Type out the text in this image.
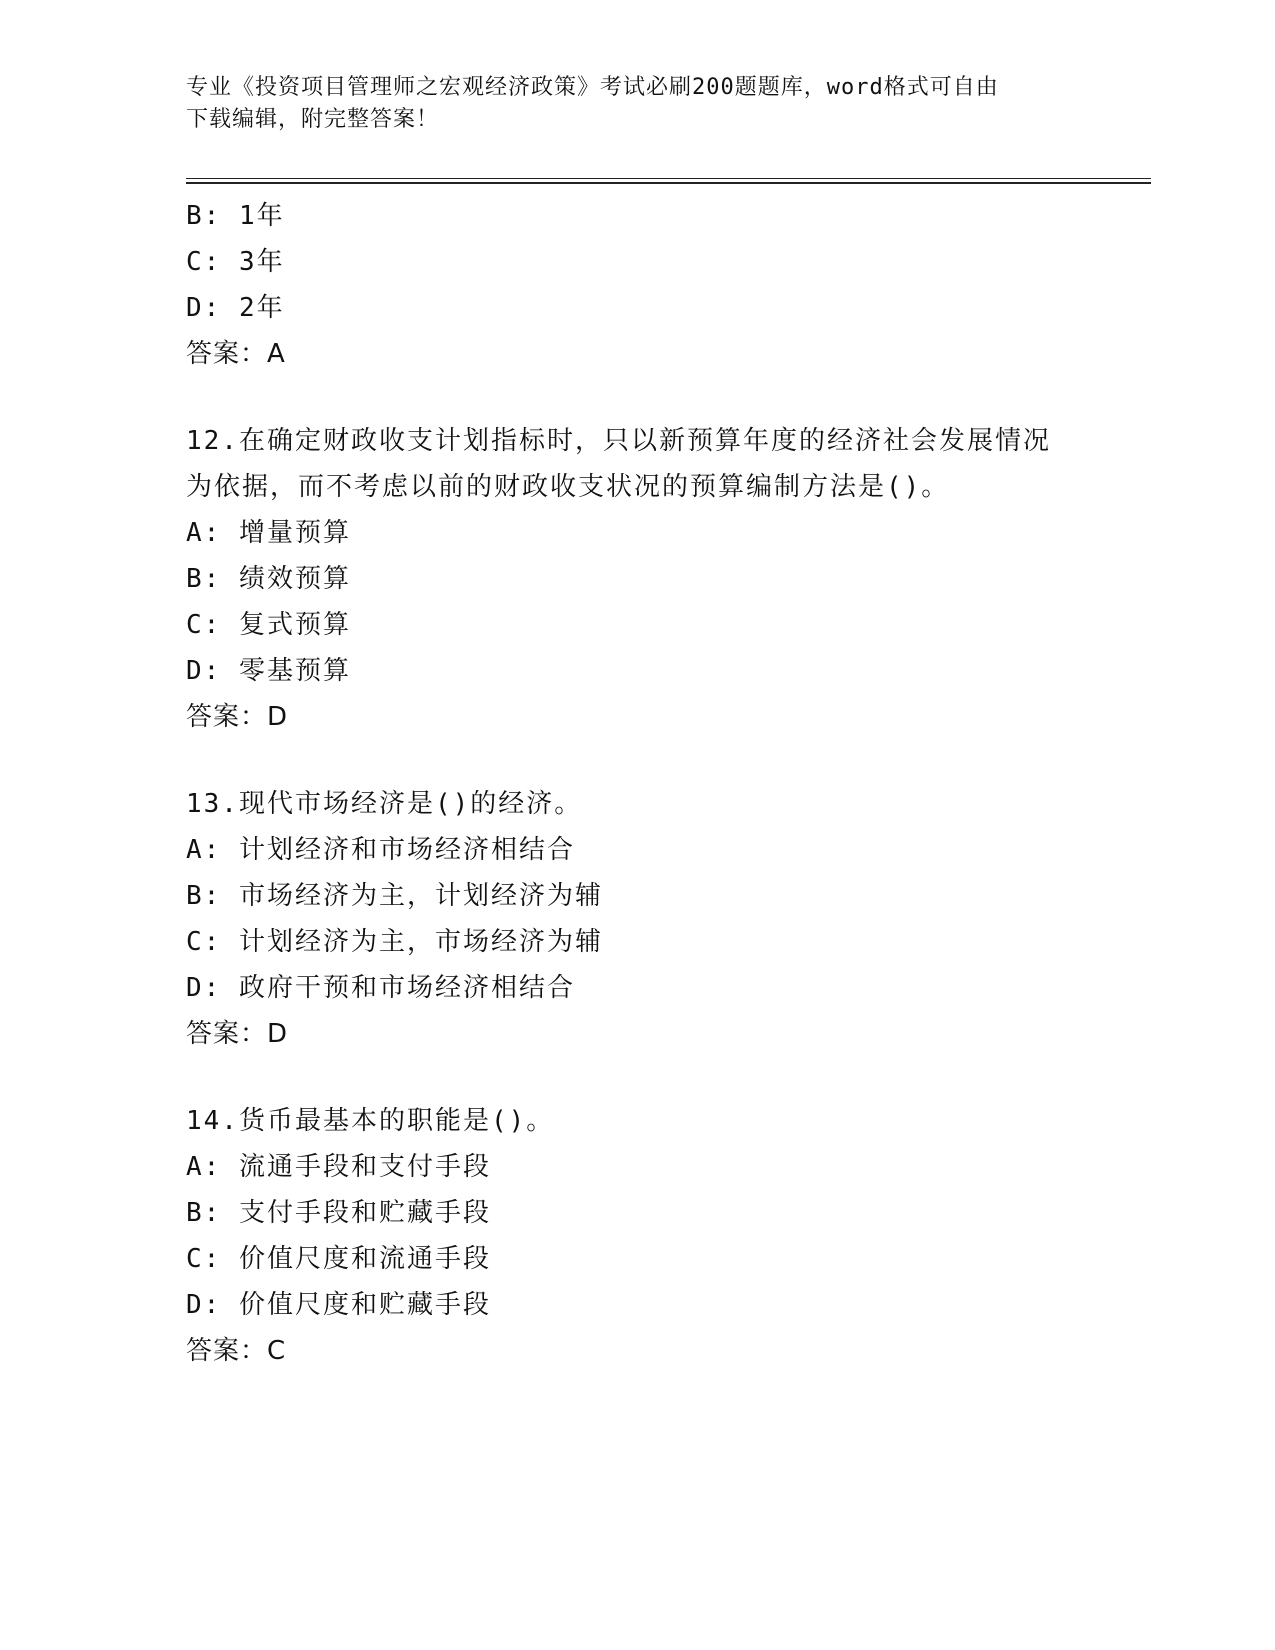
专业《投资项目管理师之宏观经济政策》考试必刷200题题库，word格式可自由
下载编辑，附完整答案！
B: 1年
C: 3年
D: 2年
答案：A
12.在确定财政收支计划指标时，只以新预算年度的经济社会发展情况
为依据，而不考虑以前的财政收支状况的预算编制方法是()。
A: 增量预算
B: 绩效预算
C: 复式预算
D: 零基预算
答案：D
13.现代市场经济是()的经济。
A: 计划经济和市场经济相结合
B: 市场经济为主，计划经济为辅
C: 计划经济为主，市场经济为辅
D: 政府干预和市场经济相结合
答案：D
14.货币最基本的职能是()。
A: 流通手段和支付手段
B: 支付手段和贮藏手段
C: 价值尺度和流通手段
D: 价值尺度和贮藏手段
答案：C
